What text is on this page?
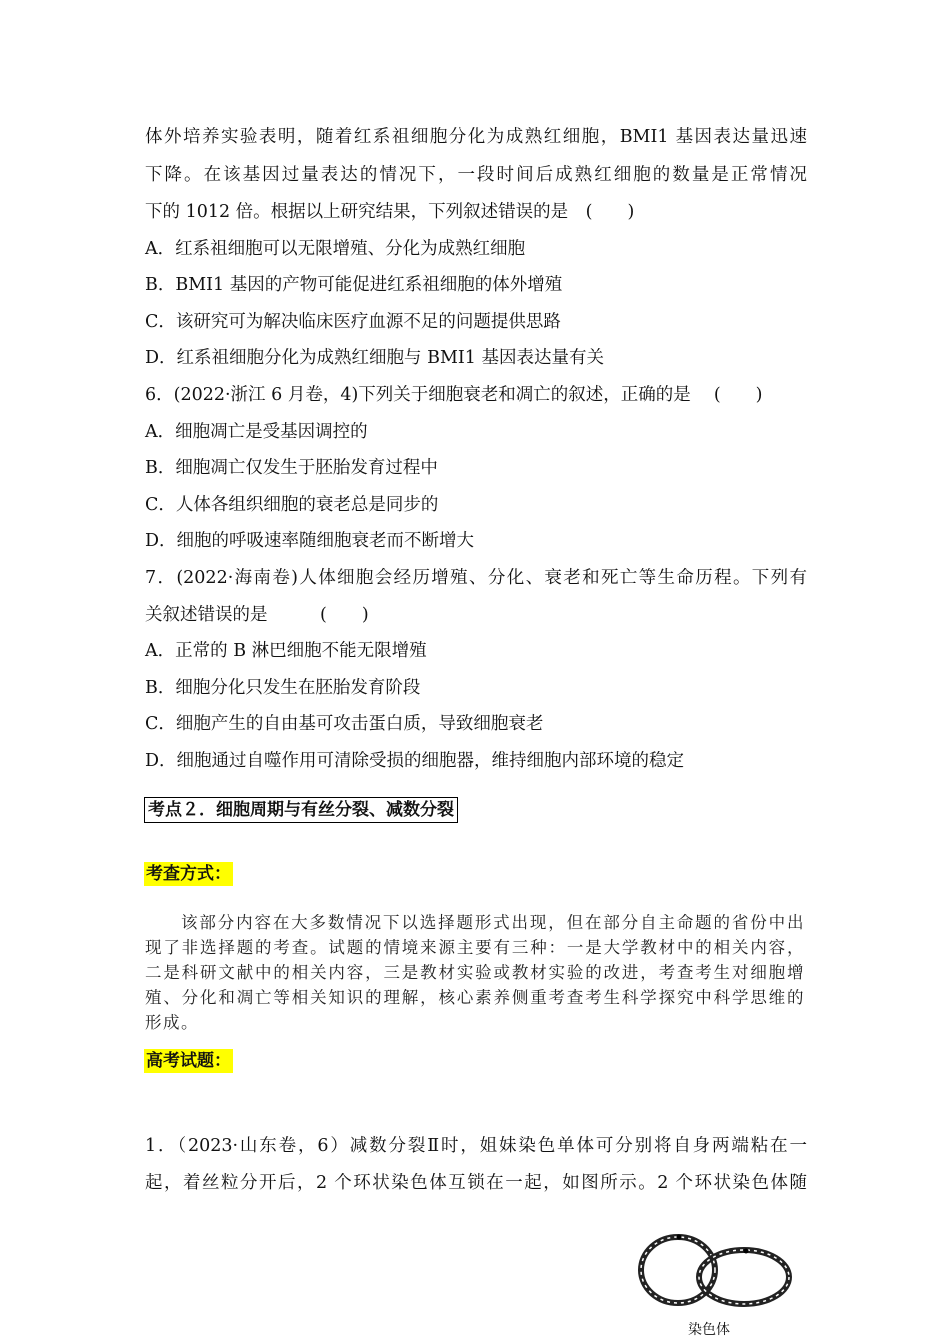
体外培养实验表明，随着红系祖细胞分化为成熟红细胞，BMI1 基因表达量迅速
下降。在该基因过量表达的情况下，一段时间后成熟红细胞的数量是正常情况
下的 1012 倍。根据以上研究结果，下列叙述错误的是　(　　)
A．红系祖细胞可以无限增殖、分化为成熟红细胞
B．BMI1 基因的产物可能促进红系祖细胞的体外增殖
C．该研究可为解决临床医疗血源不足的问题提供思路
D．红系祖细胞分化为成熟红细胞与 BMI1 基因表达量有关
6．(2022·浙江 6 月卷，4)下列关于细胞衰老和凋亡的叙述，正确的是　 (　　)
A．细胞凋亡是受基因调控的
B．细胞凋亡仅发生于胚胎发育过程中
C．人体各组织细胞的衰老总是同步的
D．细胞的呼吸速率随细胞衰老而不断增大
7．(2022·海南卷)人体细胞会经历增殖、分化、衰老和死亡等生命历程。下列有
关叙述错误的是　　　(　　)
A．正常的 B 淋巴细胞不能无限增殖
B．细胞分化只发生在胚胎发育阶段
C．细胞产生的自由基可攻击蛋白质，导致细胞衰老
D．细胞通过自噬作用可清除受损的细胞器，维持细胞内部环境的稳定
考点２．细胞周期与有丝分裂、减数分裂
考查方式：
该部分内容在大多数情况下以选择题形式出现，但在部分自主命题的省份中出现了非选择题的考查。试题的情境来源主要有三种：一是大学教材中的相关内容，二是科研文献中的相关内容，三是教材实验或教材实验的改进，考查考生对细胞增殖、分化和凋亡等相关知识的理解，核心素养侧重考查考生科学探究中科学思维的形成。
高考试题：
1．（2023·山东卷，6）减数分裂Ⅱ时，姐妹染色单体可分别将自身两端粘在一
起，着丝粒分开后，2 个环状染色体互锁在一起，如图所示。2 个环状染色体随
染色体
